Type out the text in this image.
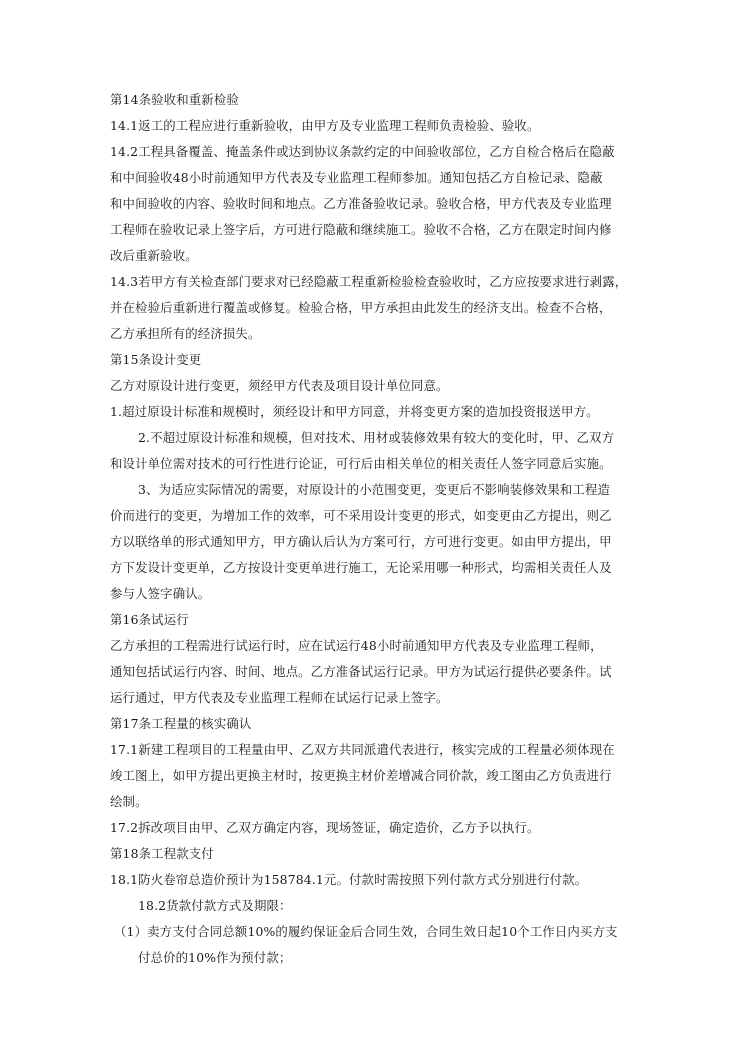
第14条验收和重新检验
14.1返工的工程应进行重新验收，由甲方及专业监理工程师负责检验、验收。
14.2工程具备覆盖、掩盖条件或达到协议条款约定的中间验收部位，乙方自检合格后在隐蔽
和中间验收48小时前通知甲方代表及专业监理工程师参加。通知包括乙方自检记录、隐蔽
和中间验收的内容、验收时间和地点。乙方准备验收记录。验收合格，甲方代表及专业监理
工程师在验收记录上签字后，方可进行隐蔽和继续施工。验收不合格，乙方在限定时间内修
改后重新验收。
14.3若甲方有关检查部门要求对已经隐蔽工程重新检验检查验收时，乙方应按要求进行剥露，
并在检验后重新进行覆盖或修复。检验合格，甲方承担由此发生的经济支出。检查不合格，
乙方承担所有的经济损失。
第15条设计变更
乙方对原设计进行变更，须经甲方代表及项目设计单位同意。
1.超过原设计标准和规模时，须经设计和甲方同意，并将变更方案的造加投资报送甲方。
2.不超过原设计标准和规模，但对技术、用材或装修效果有较大的变化时，甲、乙双方
和设计单位需对技术的可行性进行论证，可行后由相关单位的相关责任人签字同意后实施。
3、为适应实际情况的需要，对原设计的小范围变更，变更后不影响装修效果和工程造
价而进行的变更，为增加工作的效率，可不采用设计变更的形式，如变更由乙方提出，则乙
方以联络单的形式通知甲方，甲方确认后认为方案可行，方可进行变更。如由甲方提出，甲
方下发设计变更单，乙方按设计变更单进行施工，无论采用哪一种形式，均需相关责任人及
参与人签字确认。
第16条试运行
乙方承担的工程需进行试运行时，应在试运行48小时前通知甲方代表及专业监理工程师，
通知包括试运行内容、时间、地点。乙方准备试运行记录。甲方为试运行提供必要条件。试
运行通过，甲方代表及专业监理工程师在试运行记录上签字。
第17条工程量的核实确认
17.1新建工程项目的工程量由甲、乙双方共同派遣代表进行，核实完成的工程量必须体现在
竣工图上，如甲方提出更换主材时，按更换主材价差增减合同价款，竣工图由乙方负责进行
绘制。
17.2拆改项目由甲、乙双方确定内容，现场签证，确定造价，乙方予以执行。
第18条工程款支付
18.1防火卷帘总造价预计为158784.1元。付款时需按照下列付款方式分别进行付款。
18.2货款付款方式及期限：
（1）卖方支付合同总额10%的履约保证金后合同生效，合同生效日起10个工作日内买方支
付总价的10%作为预付款；
